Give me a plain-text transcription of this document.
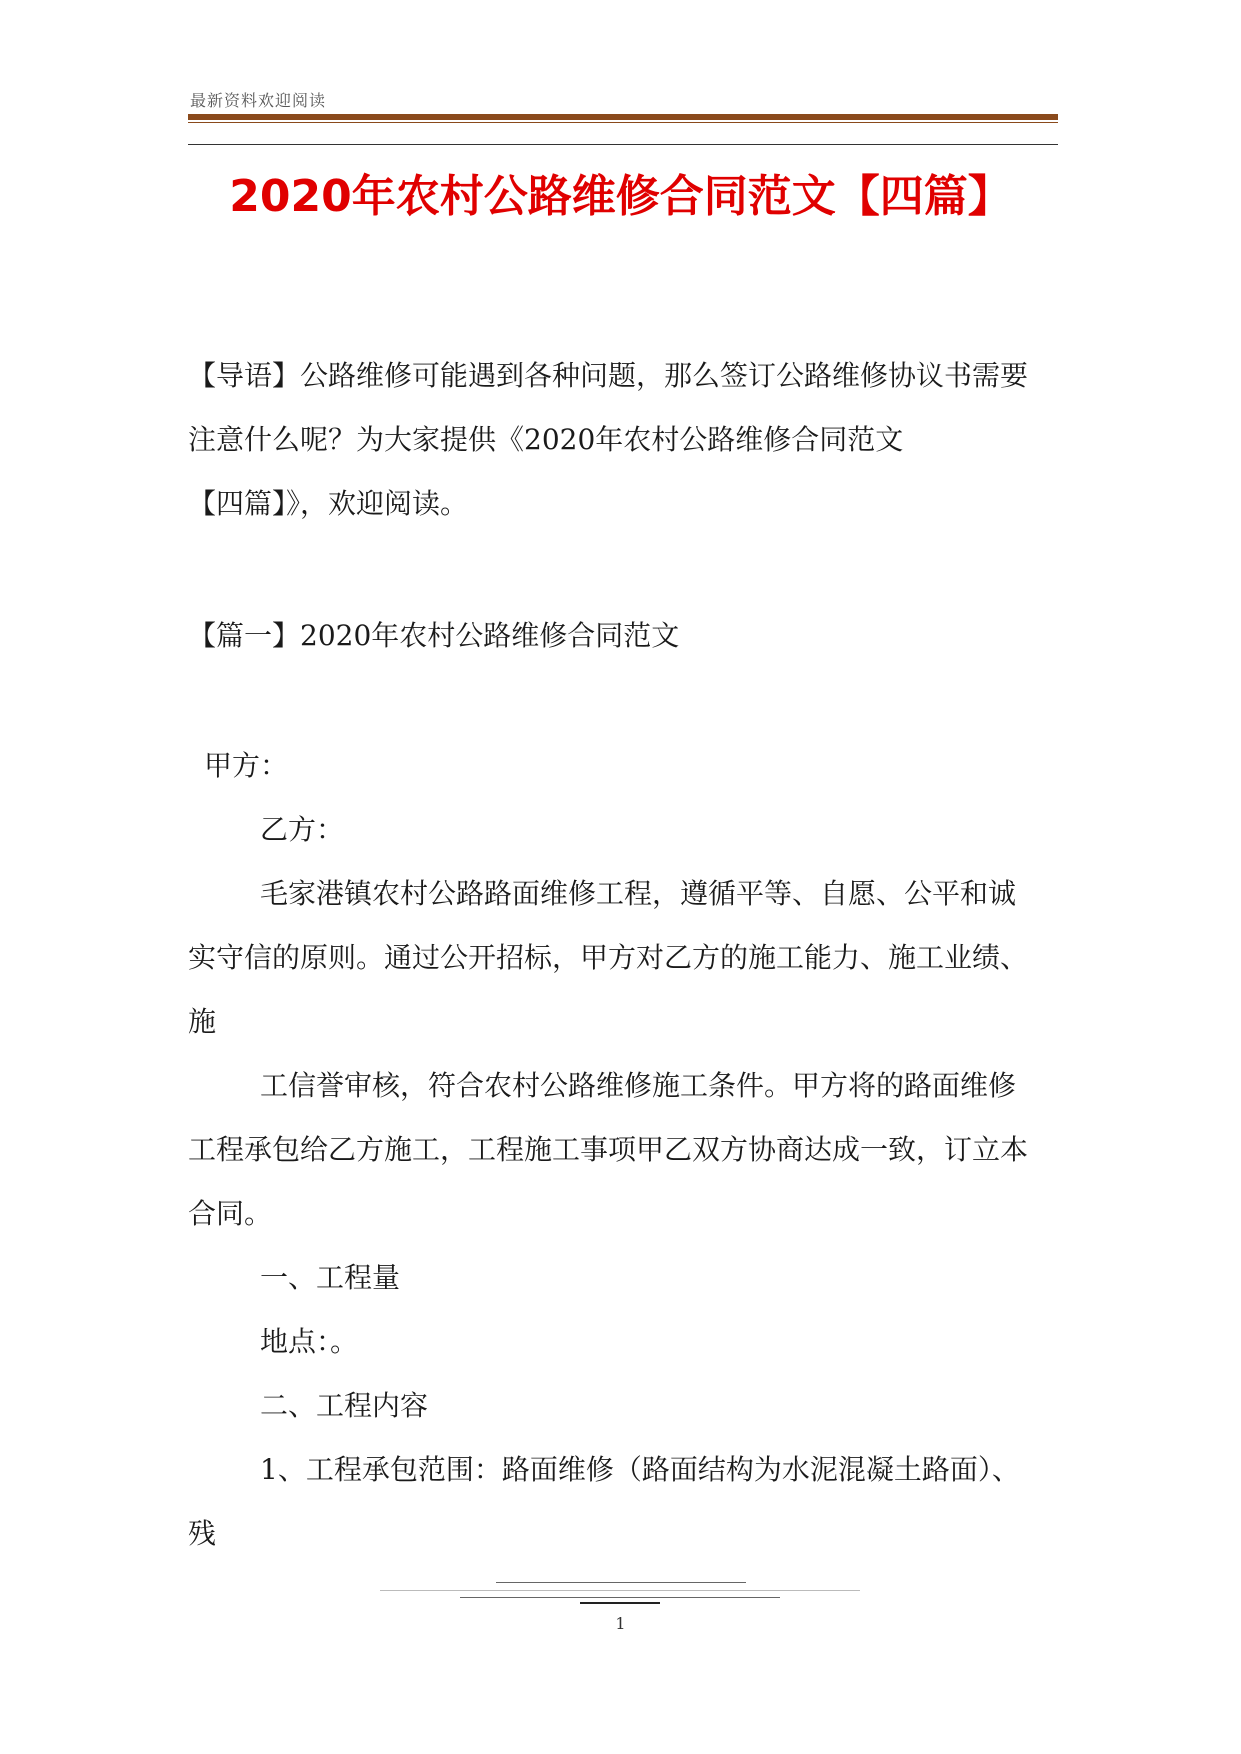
最新资料欢迎阅读
2020年农村公路维修合同范文【四篇】
【导语】公路维修可能遇到各种问题，那么签订公路维修协议书需要
注意什么呢？为大家提供《2020年农村公路维修合同范文
【四篇】》，欢迎阅读。
【篇一】2020年农村公路维修合同范文
甲方：
乙方：
毛家港镇农村公路路面维修工程，遵循平等、自愿、公平和诚
实守信的原则。通过公开招标，甲方对乙方的施工能力、施工业绩、
施
工信誉审核，符合农村公路维修施工条件。甲方将的路面维修
工程承包给乙方施工，工程施工事项甲乙双方协商达成一致，订立本
合同。
一、工程量
地点：。
二、工程内容
1、工程承包范围：路面维修（路面结构为水泥混凝土路面）、
残
1
